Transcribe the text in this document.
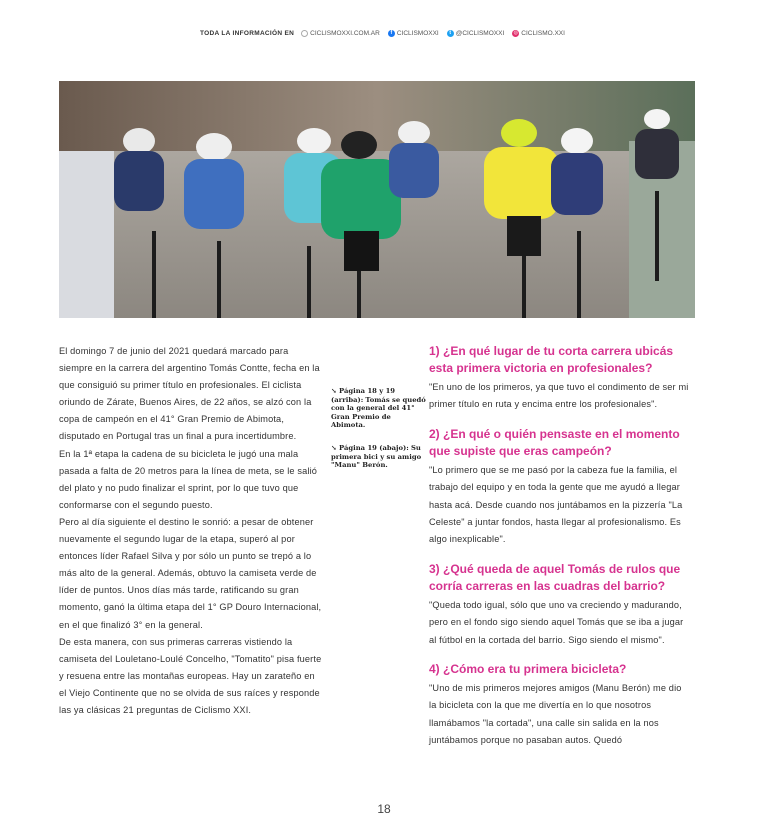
TODA LA INFORMACIÓN EN CICLISMOXXI.COM.AR	f CICLISMOXXI	t @CICLISMOXXI ◎ CICLISMO.XXI

El domingo 7 de junio del 2021 quedará marcado para siempre en la carrera del argentino Tomás Contte, fecha en la que consiguió su primer título en profesionales. El ciclista oriundo de Zárate, Buenos Aires, de 22 años, se alzó con la copa de campeón en el 41° Gran Premio de Abimota, disputado en Portugal tras un final a pura incertidumbre.

En la 1ª etapa la cadena de su bicicleta le jugó una mala pasada a falta de 20 metros para la línea de meta, se le salió del plato y no pudo finalizar el sprint, por lo que tuvo que conformarse con el segundo puesto.

Pero al día siguiente el destino le sonrió: a pesar de obtener nuevamente el segundo lugar de la etapa, superó al por entonces líder Rafael Silva y por sólo un punto se trepó a lo más alto de la general. Además, obtuvo la camiseta verde de líder de puntos. Unos días más tarde, ratificando su gran momento, ganó la última etapa del 1° GP Douro Internacional, en el que finalizó 3° en la general.

De esta manera, con sus primeras carreras vistiendo la camiseta del Louletano-Loulé Concelho, "Tomatito" pisa fuerte y resuena entre las montañas europeas. Hay un zarateño en el Viejo Continente que no se olvida de sus raíces y responde las ya clásicas 21 preguntas de Ciclismo XXI.

↘ Página 18 y 19 (arriba): Tomás se quedó con la general del 41° Gran Premio de Abimota.
↘ Página 19 (abajo): Su primera bici y su amigo "Manu" Berón.
1) ¿En qué lugar de tu corta carrera ubicás esta primera victoria en profesionales?

"En uno de los primeros, ya que tuvo el condimento de ser mi primer título en ruta y encima entre los profesionales".

2) ¿En qué o quién pensaste en el momento que supiste que eras campeón?

"Lo primero que se me pasó por la cabeza fue la familia, el trabajo del equipo y en toda la gente que me ayudó a llegar hasta acá. Desde cuando nos juntábamos en la pizzería "La Celeste" a juntar fondos, hasta llegar al profesionalismo. Es algo inexplicable".

3) ¿Qué queda de aquel Tomás de rulos que corría carreras en las cuadras del barrio?

"Queda todo igual, sólo que uno va creciendo y madurando, pero en el fondo sigo siendo aquel Tomás que se iba a jugar al fútbol en la cortada del barrio. Sigo siendo el mismo".

4) ¿Cómo era tu primera bicicleta?

"Uno de mis primeros mejores amigos (Manu Berón) me dio la bicicleta con la que me divertía en lo que nosotros llamábamos "la cortada", una calle sin salida en la nos juntábamos porque no pasaban autos. Quedó

18
